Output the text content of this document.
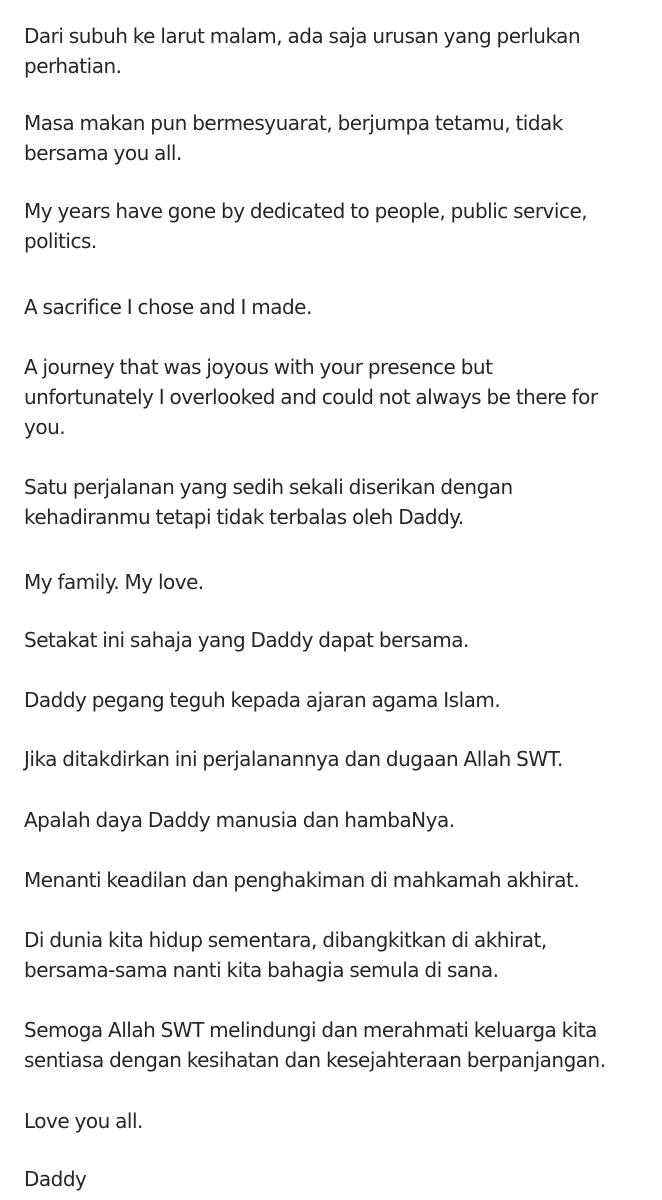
Dari subuh ke larut malam, ada saja urusan yang perlukan
perhatian.
Masa makan pun bermesyuarat, berjumpa tetamu, tidak
bersama you all.
My years have gone by dedicated to people, public service,
politics.
A sacrifice I chose and I made.
A journey that was joyous with your presence but
unfortunately I overlooked and could not always be there for
you.
Satu perjalanan yang sedih sekali diserikan dengan
kehadiranmu tetapi tidak terbalas oleh Daddy.
My family. My love.
Setakat ini sahaja yang Daddy dapat bersama.
Daddy pegang teguh kepada ajaran agama Islam.
Jika ditakdirkan ini perjalanannya dan dugaan Allah SWT.
Apalah daya Daddy manusia dan hambaNya.
Menanti keadilan dan penghakiman di mahkamah akhirat.
Di dunia kita hidup sementara, dibangkitkan di akhirat,
bersama-sama nanti kita bahagia semula di sana.
Semoga Allah SWT melindungi dan merahmati keluarga kita
sentiasa dengan kesihatan dan kesejahteraan berpanjangan.
Love you all.
Daddy
